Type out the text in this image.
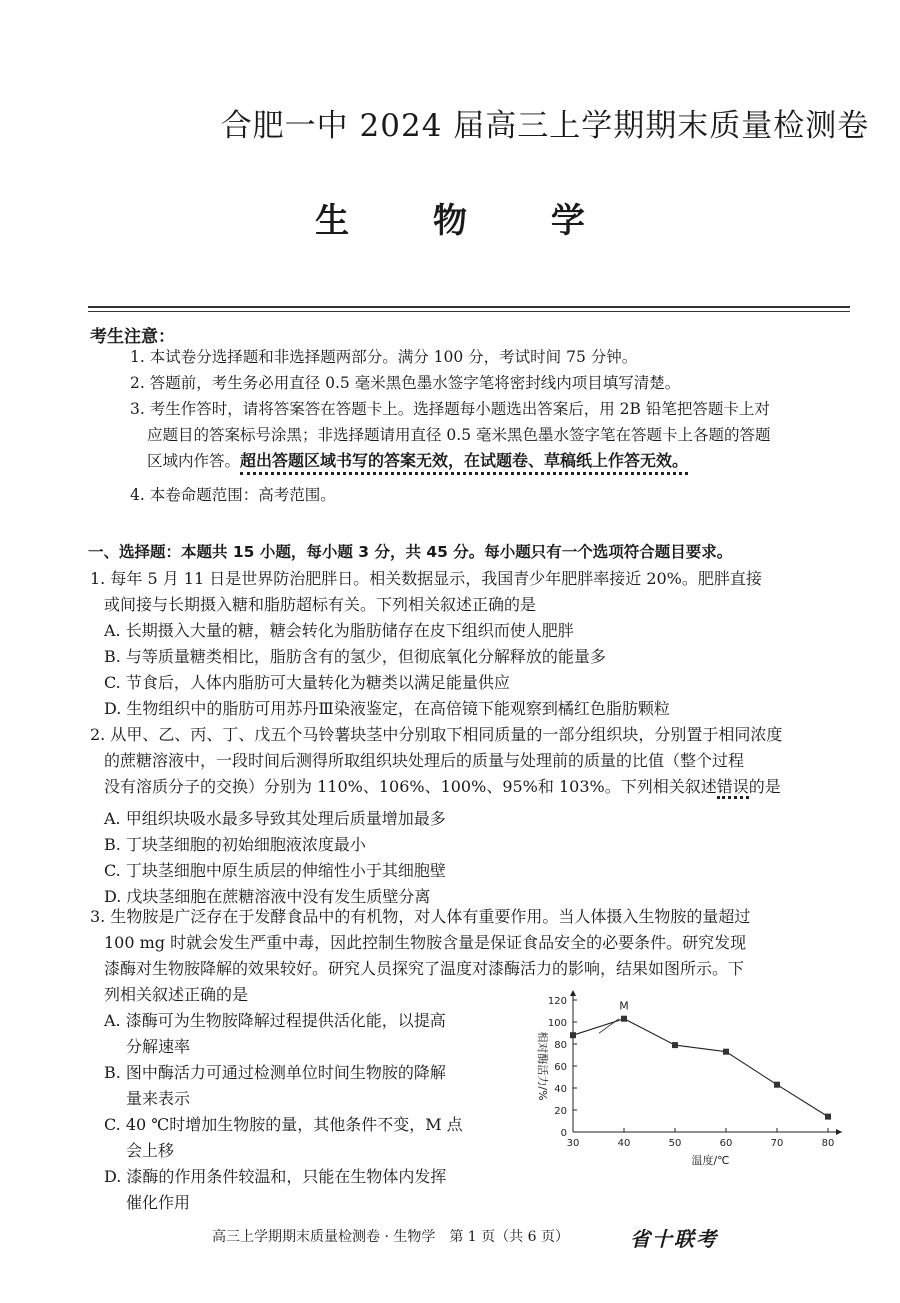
合肥一中 2024 届高三上学期期末质量检测卷
生 物 学
考生注意：
1. 本试卷分选择题和非选择题两部分。满分 100 分，考试时间 75 分钟。
2. 答题前，考生务必用直径 0.5 毫米黑色墨水签字笔将密封线内项目填写清楚。
3. 考生作答时，请将答案答在答题卡上。选择题每小题选出答案后，用 2B 铅笔把答题卡上对
应题目的答案标号涂黑；非选择题请用直径 0.5 毫米黑色墨水签字笔在答题卡上各题的答题
区域内作答。超出答题区域书写的答案无效，在试题卷、草稿纸上作答无效。
4. 本卷命题范围：高考范围。
一、选择题：本题共 15 小题，每小题 3 分，共 45 分。每小题只有一个选项符合题目要求。
1. 每年 5 月 11 日是世界防治肥胖日。相关数据显示，我国青少年肥胖率接近 20%。肥胖直接
或间接与长期摄入糖和脂肪超标有关。下列相关叙述正确的是
A. 长期摄入大量的糖，糖会转化为脂肪储存在皮下组织而使人肥胖
B. 与等质量糖类相比，脂肪含有的氢少，但彻底氧化分解释放的能量多
C. 节食后，人体内脂肪可大量转化为糖类以满足能量供应
D. 生物组织中的脂肪可用苏丹Ⅲ染液鉴定，在高倍镜下能观察到橘红色脂肪颗粒
2. 从甲、乙、丙、丁、戊五个马铃薯块茎中分别取下相同质量的一部分组织块，分别置于相同浓度
的蔗糖溶液中，一段时间后测得所取组织块处理后的质量与处理前的质量的比值（整个过程
没有溶质分子的交换）分别为 110%、106%、100%、95%和 103%。下列相关叙述错误的是
A. 甲组织块吸水最多导致其处理后质量增加最多
B. 丁块茎细胞的初始细胞液浓度最小
C. 丁块茎细胞中原生质层的伸缩性小于其细胞壁
D. 戊块茎细胞在蔗糖溶液中没有发生质壁分离
3. 生物胺是广泛存在于发酵食品中的有机物，对人体有重要作用。当人体摄入生物胺的量超过
100 mg 时就会发生严重中毒，因此控制生物胺含量是保证食品安全的必要条件。研究发现
漆酶对生物胺降解的效果较好。研究人员探究了温度对漆酶活力的影响，结果如图所示。下
列相关叙述正确的是
A. 漆酶可为生物胺降解过程提供活化能，以提高
分解速率
B. 图中酶活力可通过检测单位时间生物胺的降解
量来表示
C. 40 ℃时增加生物胺的量，其他条件不变，M 点
会上移
D. 漆酶的作用条件较温和，只能在生物体内发挥
催化作用
0
20
40
60
80
100
120
30	40	50	60	70	80
温度/℃
相对酶活力/%
M
高三上学期期末质量检测卷 · 生物学　第 1 页（共 6 页）	省十联考
